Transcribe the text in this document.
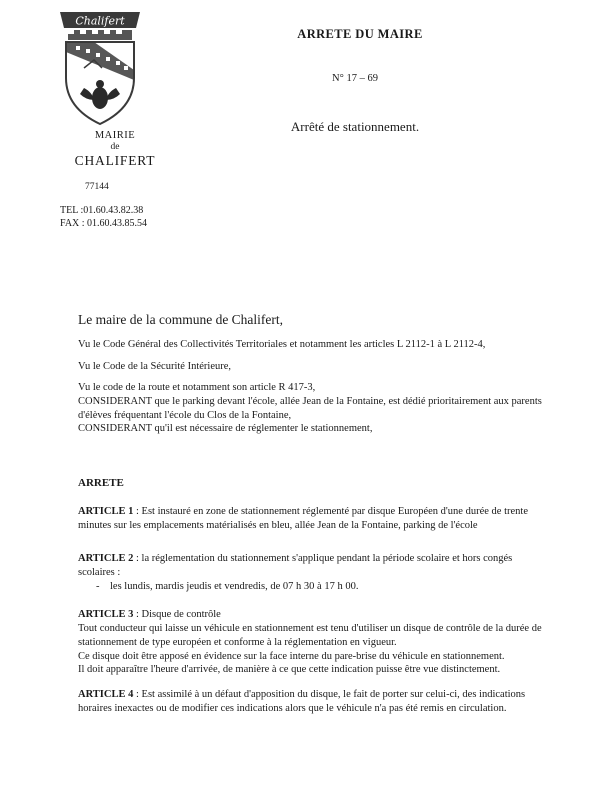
Chalifert
MAIRIE
de
CHALIFERT
77144
TEL :01.60.43.82.38
FAX : 01.60.43.85.54
ARRETE DU MAIRE
N° 17 – 69
Arrêté de stationnement.
Le maire de la commune de Chalifert,
Vu le Code Général des Collectivités Territoriales et notamment les articles L 2112-1 à L 2112-4,
Vu le Code de la Sécurité Intérieure,
Vu le code de la route et notamment son article R 417-3,
CONSIDERANT que le parking devant l'école, allée Jean de la Fontaine, est dédié prioritairement aux parents d'élèves fréquentant l'école du Clos de la Fontaine,
CONSIDERANT qu'il est nécessaire de réglementer le stationnement,
ARRETE
ARTICLE 1 : Est instauré en zone de stationnement réglementé par disque Européen d'une durée de trente minutes sur les emplacements matérialisés en bleu, allée Jean de la Fontaine, parking de l'école
ARTICLE 2 : la réglementation du stationnement s'applique pendant la période scolaire et hors congés scolaires :
- les lundis, mardis jeudis et vendredis, de 07 h 30 à 17 h 00.
ARTICLE 3 : Disque de contrôle
Tout conducteur qui laisse un véhicule en stationnement est tenu d'utiliser un disque de contrôle de la durée de stationnement de type européen et conforme à la réglementation en vigueur.
Ce disque doit être apposé en évidence sur la face interne du pare-brise du véhicule en stationnement.
Il doit apparaître l'heure d'arrivée, de manière à ce que cette indication puisse être vue distinctement.
ARTICLE 4 : Est assimilé à un défaut d'apposition du disque, le fait de porter sur celui-ci, des indications horaires inexactes ou de modifier ces indications alors que le véhicule n'a pas été remis en circulation.
